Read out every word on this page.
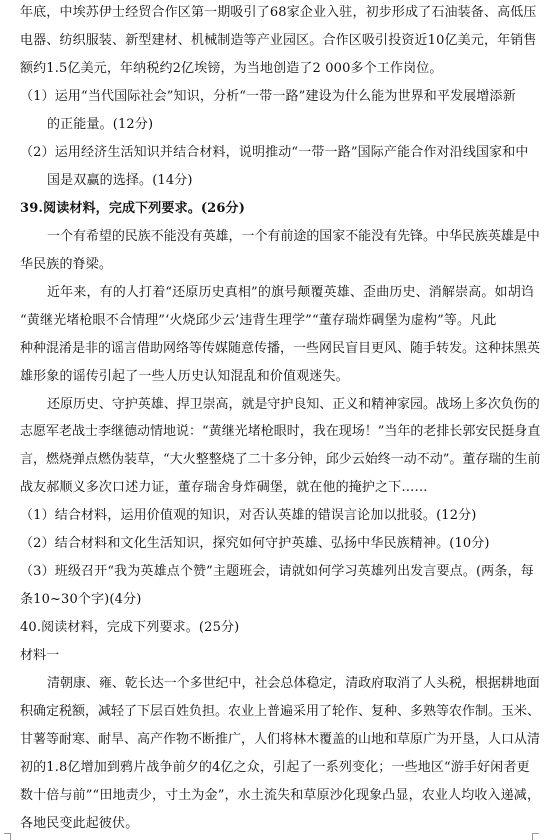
年底，中埃苏伊士经贸合作区第一期吸引了68家企业入驻，初步形成了石油装备、高低压
电器、纺织服装、新型建材、机械制造等产业园区。合作区吸引投资近10亿美元，年销售
额约1.5亿美元，年纳税约2亿埃镑，为当地创造了2 000多个工作岗位。
（1）运用“当代国际社会”知识，分析“一带一路”建设为什么能为世界和平发展增添新
的正能量。(12分)
（2）运用经济生活知识并结合材料，说明推动“一带一路”国际产能合作对沿线国家和中
国是双赢的选择。(14分)
39.阅读材料，完成下列要求。(26分)
一个有希望的民族不能没有英雄，一个有前途的国家不能没有先锋。中华民族英雄是中
华民族的脊梁。
近年来，有的人打着“还原历史真相”的旗号颠覆英雄、歪曲历史、消解崇高。如胡诌
“黄继光堵枪眼不合情理”‘火烧邱少云’违背生理学”“董存瑞炸碉堡为虚构”等。凡此
种种混淆是非的谣言借助网络等传媒随意传播，一些网民盲目更风、随手转发。这种抹黑英
雄形象的谣传引起了一些人历史认知混乱和价值观迷失。
还原历史、守护英雄、捍卫崇高，就是守护良知、正义和精神家园。战场上多次负伤的
志愿军老战士李继德动情地说：“黄继光堵枪眼时，我在现场！”当年的老排长郭安民挺身直
言，燃烧弹点燃伪装草，“大火整整烧了二十多分钟，邱少云始终一动不动”。董存瑞的生前
战友郝顺义多次口述力证，董存瑞舍身炸碉堡，就在他的掩护之下……
（1）结合材料，运用价值观的知识，对否认英雄的错误言论加以批驳。(12分)
（2）结合材料和文化生活知识，探究如何守护英雄、弘扬中华民族精神。(10分)
（3）班级召开“我为英雄点个赞”主题班会，请就如何学习英雄列出发言要点。(两条，每
条10~30个字)(4分)
40.阅读材料，完成下列要求。(25分)
材料一
清朝康、雍、乾长达一个多世纪中，社会总体稳定，清政府取消了人头税，根据耕地面
积确定税额，减轻了下层百姓负担。农业上普遍采用了轮作、复种、多熟等农作制。玉米、
甘薯等耐寒、耐旱、高产作物不断推广，人们将林木覆盖的山地和草原广为开垦，人口从清
初的1.8亿增加到鸦片战争前夕的4亿之众，引起了一系列变化；一些地区“游手好闲者更
数十倍与前”“田地责少，寸土为金”，水土流失和草原沙化现象凸显，农业人均收入递减，
各地民变此起彼伏。
